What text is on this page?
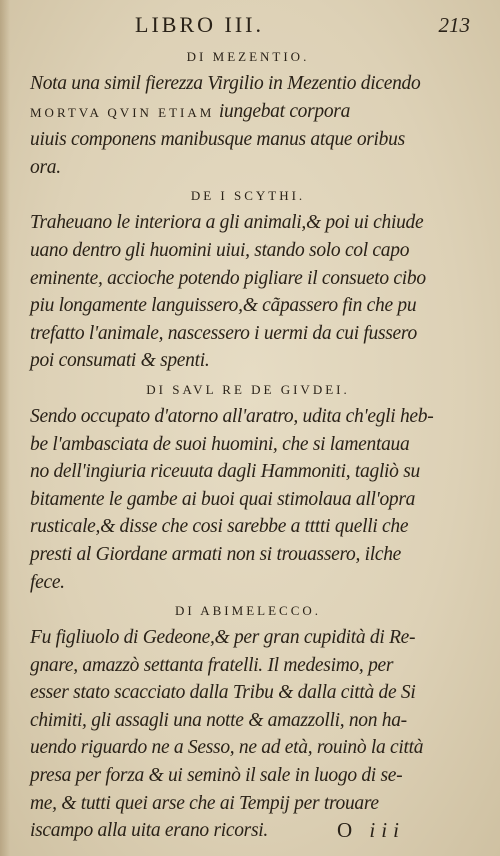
LIBRO III.	213
DI MEZENTIO.
Nota una simil fierezza Virgilio in Mezentio dicendo
MORTVA QVIN ETIAM iungebat corpora
uiuis componens manibusque manus atque oribus
ora.
DE I SCYTHI.
Traheuano le interiora a gli animali,& poi ui chiude
uano dentro gli huomini uiui, stando solo col capo
eminente, accioche potendo pigliare il consueto cibo
piu longamente languissero,& cãpassero fin che pu
trefatto l'animale, nascessero i uermi da cui fussero
poi consumati & spenti.
DI SAVL RE DE GIVDEI.
Sendo occupato d'atorno all'aratro, udita ch'egli heb-
be l'ambasciata de suoi huomini, che si lamentaua
no dell'ingiuria riceuuta dagli Hammoniti, tagliò su
bitamente le gambe ai buoi quai stimolaua all'opra
rusticale,& disse che cosi sarebbe a tttti quelli che
presti al Giordane armati non si trouassero, ilche
fece.
DI ABIMELECCO.
Fu figliuolo di Gedeone,& per gran cupidità di Re-
gnare, amazzò settanta fratelli. Il medesimo, per
esser stato scacciato dalla Tribu & dalla città de Si
chimiti, gli assagli una notte & amazzolli, non ha-
uendo riguardo ne a Sesso, ne ad età, rouinò la città
presa per forza & ui seminò il sale in luogo di se-
me, & tutti quei arse che ai Tempij per trouare
iscampo alla uita erano ricorsi.	O iii
